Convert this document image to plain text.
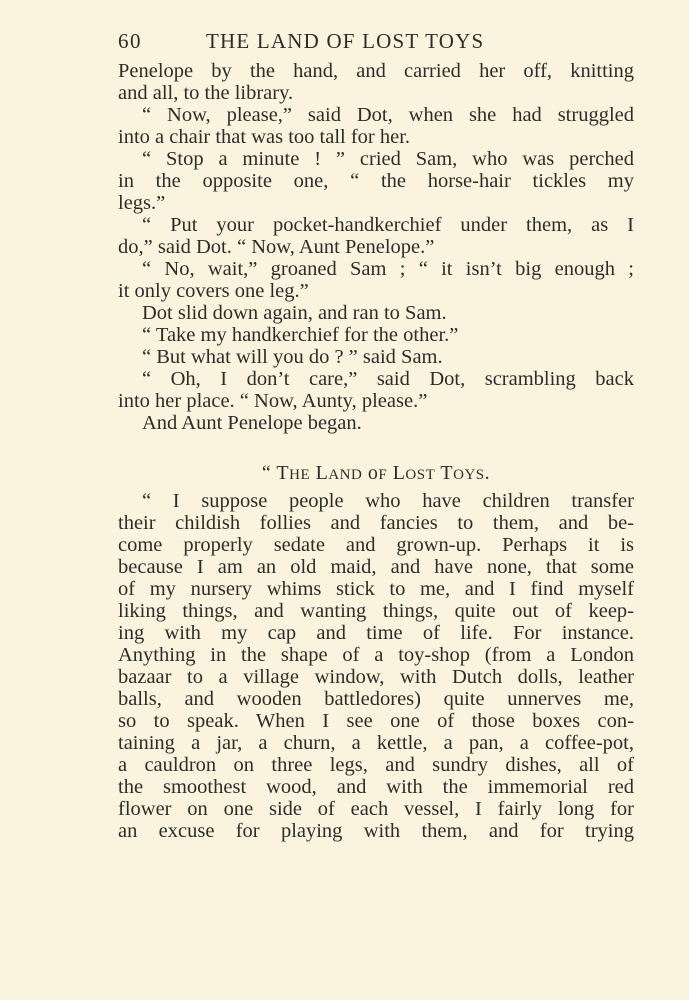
60	THE LAND OF LOST TOYS
Penelope by the hand, and carried her off, knitting
and all, to the library.
“ Now, please,” said Dot, when she had struggled
into a chair that was too tall for her.
“ Stop a minute ! ” cried Sam, who was perched
in the opposite one, “ the horse-hair tickles my
legs.”
“ Put your pocket-handkerchief under them, as I
do,” said Dot. “ Now, Aunt Penelope.”
“ No, wait,” groaned Sam ; “ it isn’t big enough ;
it only covers one leg.”
Dot slid down again, and ran to Sam.
“ Take my handkerchief for the other.”
“ But what will you do ? ” said Sam.
“ Oh, I don’t care,” said Dot, scrambling back
into her place. “ Now, Aunty, please.”
And Aunt Penelope began.
“ THE LAND oF LOST TOYS.
“ I suppose people who have children transfer
their childish follies and fancies to them, and be-
come properly sedate and grown-up. Perhaps it is
because I am an old maid, and have none, that some
of my nursery whims stick to me, and I find myself
liking things, and wanting things, quite out of keep-
ing with my cap and time of life. For instance.
Anything in the shape of a toy-shop (from a London
bazaar to a village window, with Dutch dolls, leather
balls, and wooden battledores) quite unnerves me,
so to speak. When I see one of those boxes con-
taining a jar, a churn, a kettle, a pan, a coffee-pot,
a cauldron on three legs, and sundry dishes, all of
the smoothest wood, and with the immemorial red
flower on one side of each vessel, I fairly long for
an excuse for playing with them, and for trying
